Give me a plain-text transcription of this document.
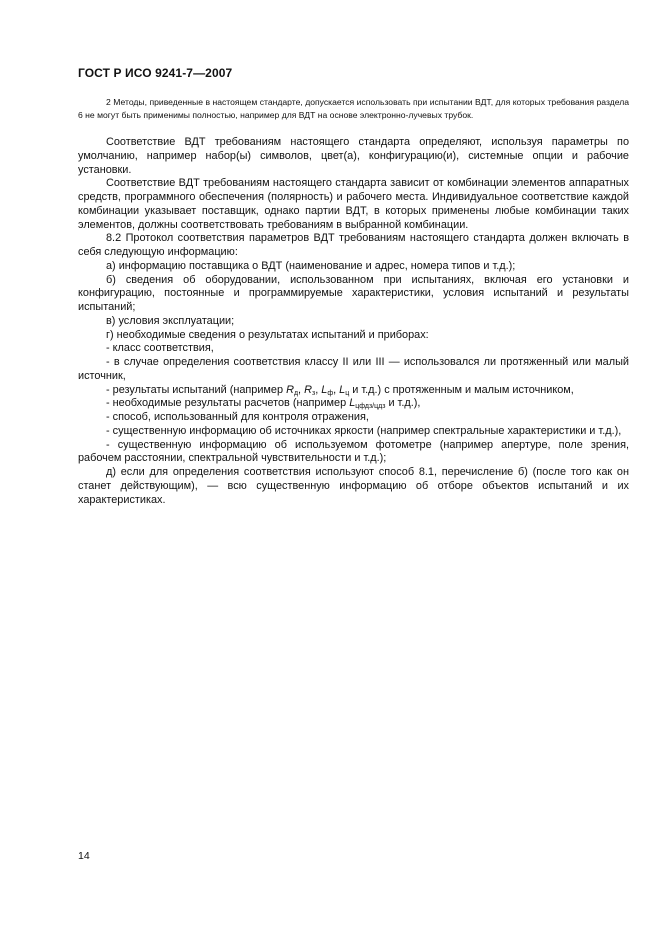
ГОСТ Р ИСО 9241-7—2007

2 Методы, приведенные в настоящем стандарте, допускается использовать при испытании ВДТ, для которых требования раздела 6 не могут быть применимы полностью, например для ВДТ на основе электронно-лучевых трубок.

Соответствие ВДТ требованиям настоящего стандарта определяют, используя параметры по умолчанию, например набор(ы) символов, цвет(а), конфигурацию(и), системные опции и рабочие установки.

Соответствие ВДТ требованиям настоящего стандарта зависит от комбинации элементов аппаратных средств, программного обеспечения (полярность) и рабочего места. Индивидуальное соответствие каждой комбинации указывает поставщик, однако партии ВДТ, в которых применены любые комбинации таких элементов, должны соответствовать требованиям в выбранной комбинации.

8.2 Протокол соответствия параметров ВДТ требованиям настоящего стандарта должен включать в себя следующую информацию:

а) информацию поставщика о ВДТ (наименование и адрес, номера типов и т.д.);

б) сведения об оборудовании, использованном при испытаниях, включая его установки и конфигурацию, постоянные и программируемые характеристики, условия испытаний и результаты испытаний;

в) условия эксплуатации;

г) необходимые сведения о результатах испытаний и приборах:

- класс соответствия,

- в случае определения соответствия классу II или III — использовался ли протяженный или малый источник,

- результаты испытаний (например $R_д$, $R_з$, $L_ф$, $L_ц$ и т.д.) с протяженным и малым источником,

- необходимые результаты расчетов (например $L_{цфдз/цдз}$ и т.д.),

- способ, использованный для контроля отражения,

- существенную информацию об источниках яркости (например спектральные характеристики и т.д.),

- существенную информацию об используемом фотометре (например апертуре, поле зрения, рабочем расстоянии, спектральной чувствительности и т.д.);

д) если для определения соответствия используют способ 8.1, перечисление б) (после того как он станет действующим), — всю существенную информацию об отборе объектов испытаний и их характеристиках.

14
